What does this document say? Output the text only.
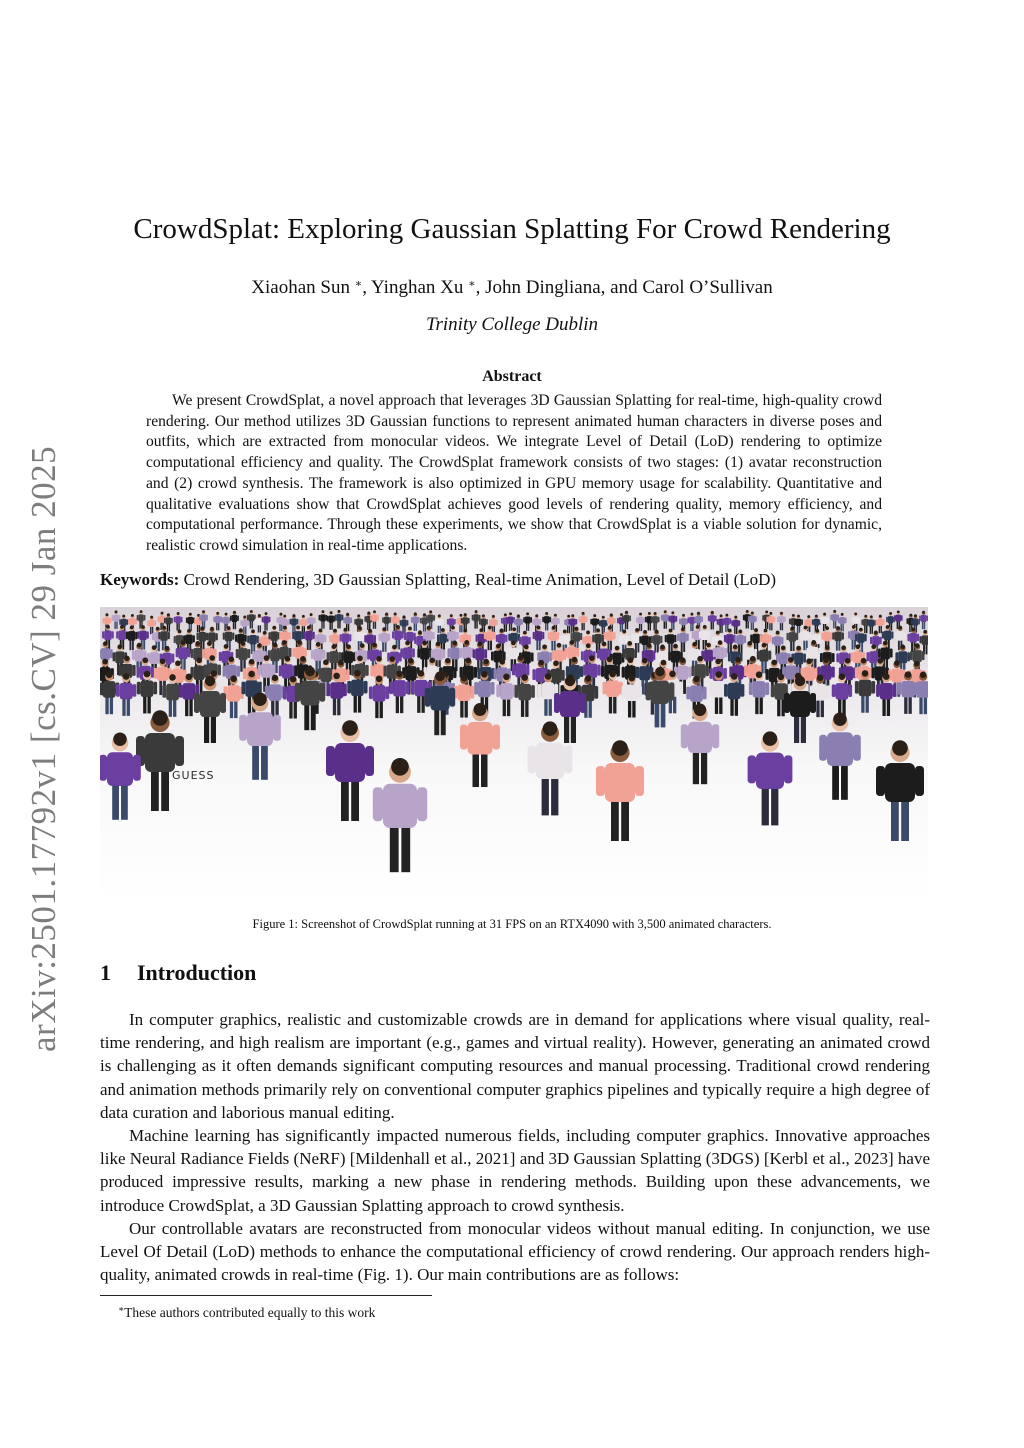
arXiv:2501.17792v1 [cs.CV] 29 Jan 2025
CrowdSplat: Exploring Gaussian Splatting For Crowd Rendering
Xiaohan Sun ∗, Yinghan Xu ∗, John Dingliana, and Carol O’Sullivan
Trinity College Dublin
Abstract
We present CrowdSplat, a novel approach that leverages 3D Gaussian Splatting for real-time, high-quality crowd rendering. Our method utilizes 3D Gaussian functions to represent animated human characters in diverse poses and outfits, which are extracted from monocular videos. We integrate Level of Detail (LoD) rendering to optimize computational efficiency and quality. The CrowdSplat framework consists of two stages: (1) avatar reconstruction and (2) crowd synthesis. The framework is also optimized in GPU memory usage for scalability. Quantitative and qualitative evaluations show that CrowdSplat achieves good levels of rendering quality, memory efficiency, and computational performance. Through these experiments, we show that CrowdSplat is a viable solution for dynamic, realistic crowd simulation in real-time applications.
Keywords: Crowd Rendering, 3D Gaussian Splatting, Real-time Animation, Level of Detail (LoD)
GUESS
Figure 1: Screenshot of CrowdSplat running at 31 FPS on an RTX4090 with 3,500 animated characters.
1 Introduction

In computer graphics, realistic and customizable crowds are in demand for applications where visual quality, real-time rendering, and high realism are important (e.g., games and virtual reality). However, generating an animated crowd is challenging as it often demands significant computing resources and manual processing. Traditional crowd rendering and animation methods primarily rely on conventional computer graphics pipelines and typically require a high degree of data curation and laborious manual editing.

Machine learning has significantly impacted numerous fields, including computer graphics. Innovative approaches like Neural Radiance Fields (NeRF) [Mildenhall et al., 2021] and 3D Gaussian Splatting (3DGS) [Kerbl et al., 2023] have produced impressive results, marking a new phase in rendering methods. Building upon these advancements, we introduce CrowdSplat, a 3D Gaussian Splatting approach to crowd synthesis.

Our controllable avatars are reconstructed from monocular videos without manual editing. In conjunction, we use Level Of Detail (LoD) methods to enhance the computational efficiency of crowd rendering. Our approach renders high-quality, animated crowds in real-time (Fig. 1). Our main contributions are as follows:

∗These authors contributed equally to this work
